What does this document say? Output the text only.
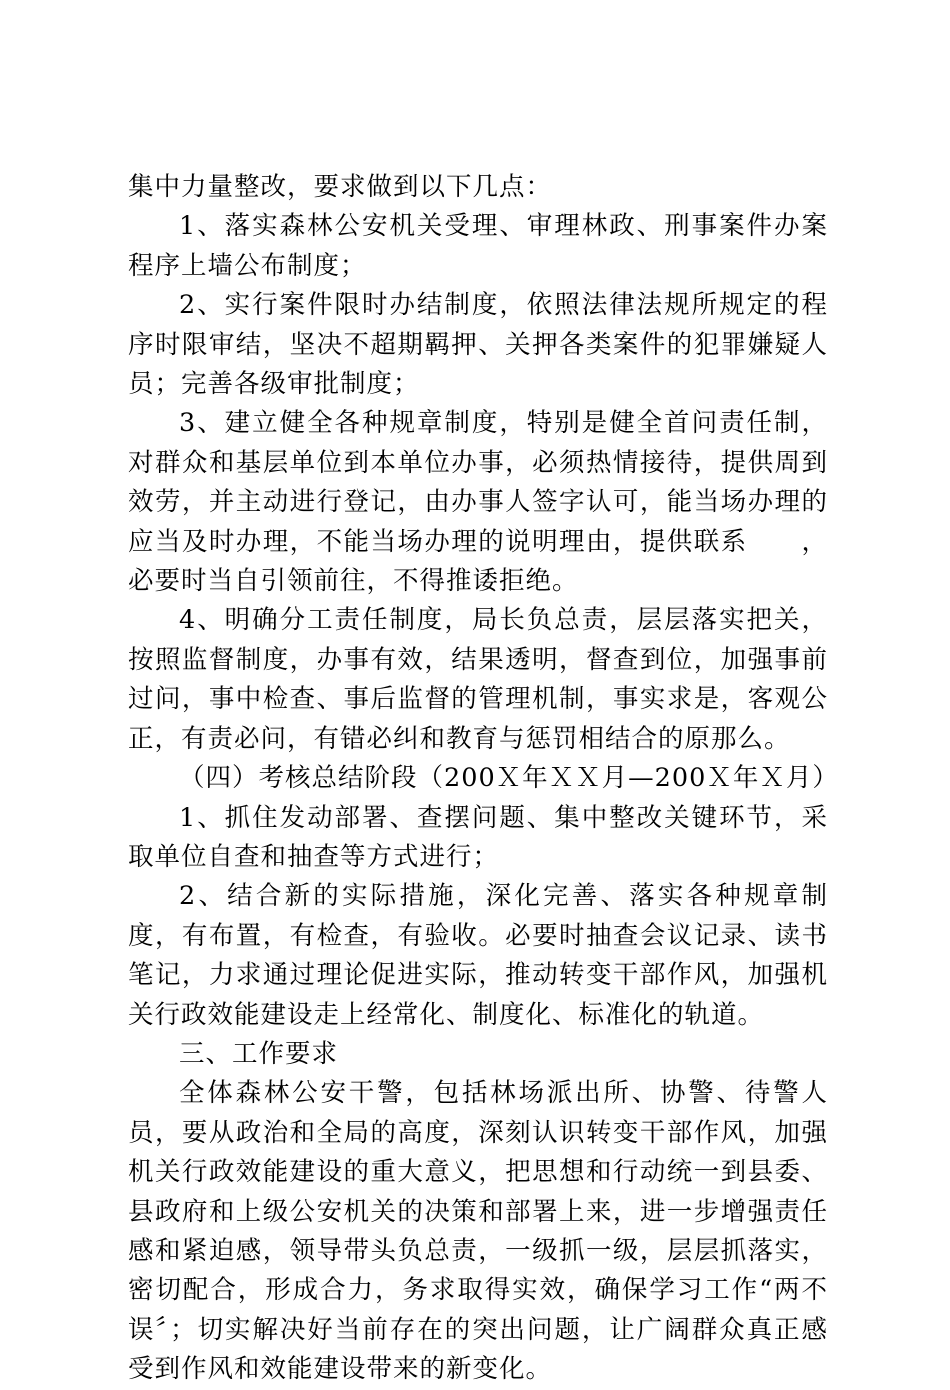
集中力量整改，要求做到以下几点：

1、落实森林公安机关受理、审理林政、刑事案件办案程序上墙公布制度；

2、实行案件限时办结制度，依照法律法规所规定的程序时限审结，坚决不超期羁押、关押各类案件的犯罪嫌疑人员；完善各级审批制度；

3、建立健全各种规章制度，特别是健全首问责任制，对群众和基层单位到本单位办事，必须热情接待，提供周到效劳，并主动进行登记，由办事人签字认可，能当场办理的应当及时办理，不能当场办理的说明理由，提供联系　　，必要时当自引领前往，不得推诿拒绝。

4、明确分工责任制度，局长负总责，层层落实把关，按照监督制度，办事有效，结果透明，督查到位，加强事前过问，事中检查、事后监督的管理机制，事实求是，客观公正，有责必问，有错必纠和教育与惩罚相结合的原那么。

（四）考核总结阶段（200Ｘ年ＸＸ月—200Ｘ年Ｘ月）

1、抓住发动部署、查摆问题、集中整改关键环节，采取单位自查和抽查等方式进行；

2、结合新的实际措施，深化完善、落实各种规章制度，有布置，有检查，有验收。必要时抽查会议记录、读书笔记，力求通过理论促进实际，推动转变干部作风，加强机关行政效能建设走上经常化、制度化、标准化的轨道。

三、工作要求

全体森林公安干警，包括林场派出所、协警、待警人员，要从政治和全局的高度，深刻认识转变干部作风，加强机关行政效能建设的重大意义，把思想和行动统一到县委、县政府和上级公安机关的决策和部署上来，进一步增强责任感和紧迫感，领导带头负总责，一级抓一级，层层抓落实，密切配合，形成合力，务求取得实效，确保学习工作“两不误〞；切实解决好当前存在的突出问题，让广阔群众真正感受到作风和效能建设带来的新变化。
